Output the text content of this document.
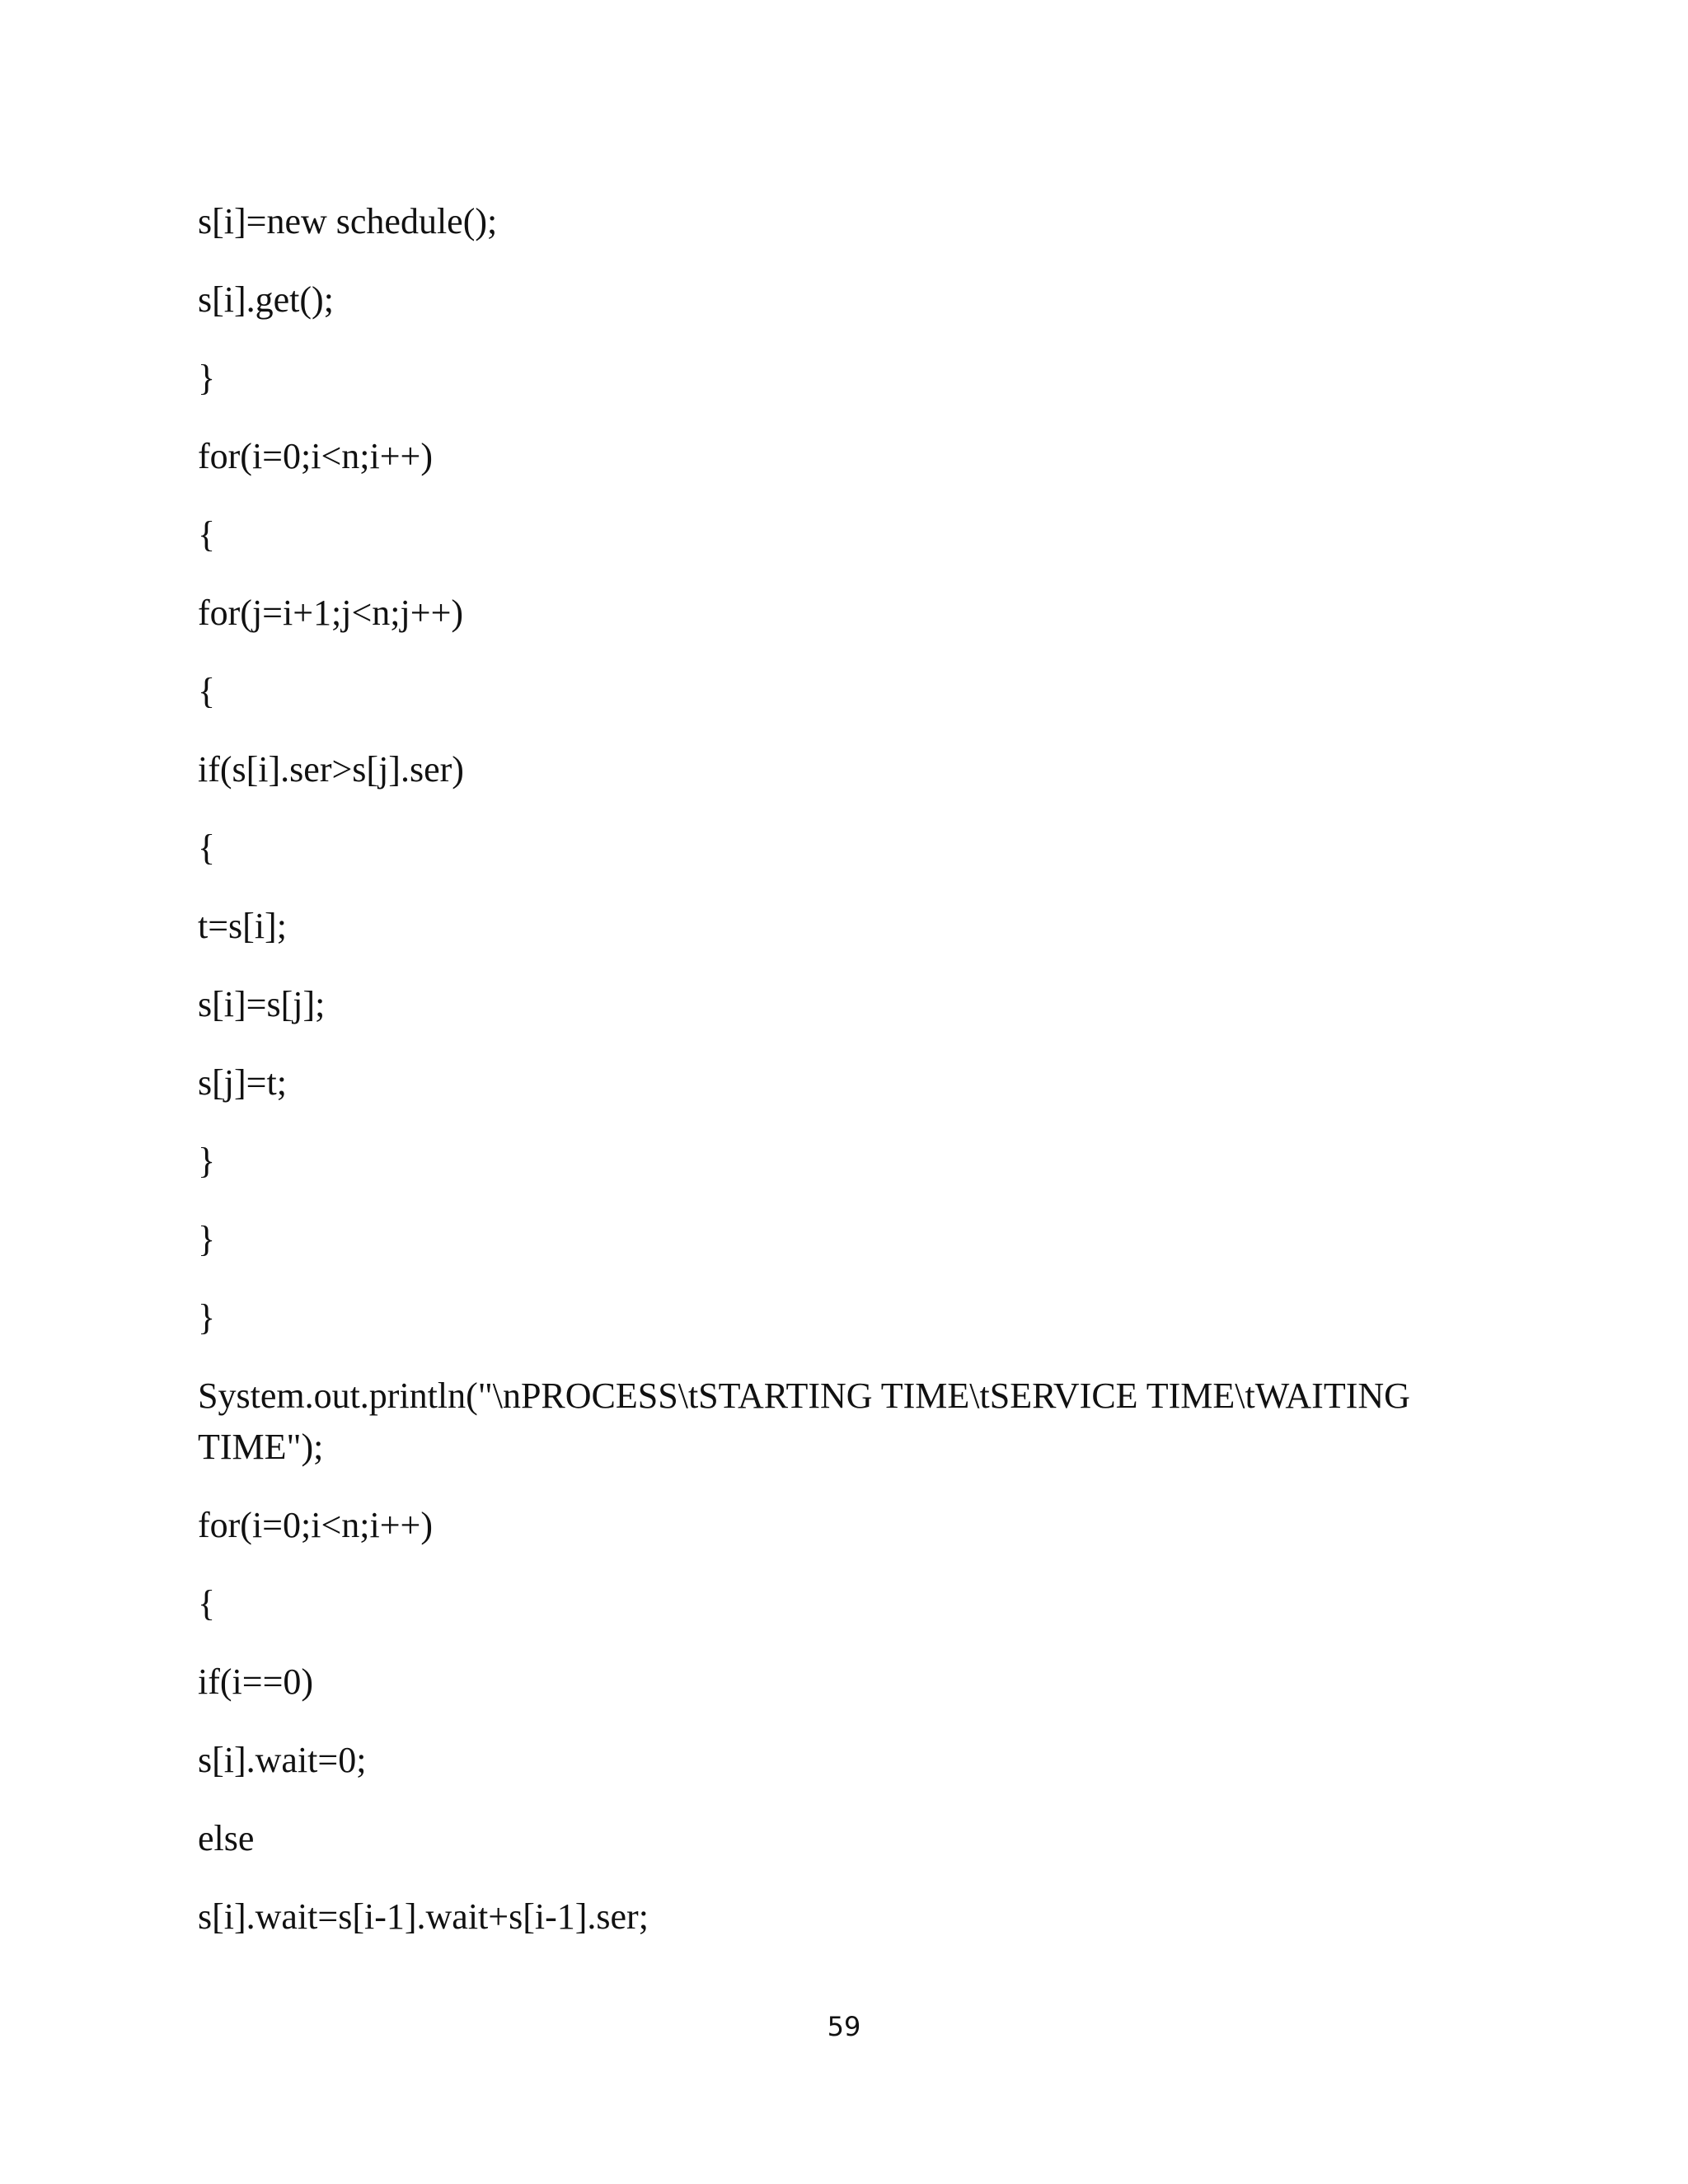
s[i]=new schedule();

s[i].get();

}

for(i=0;i<n;i++)

{

for(j=i+1;j<n;j++)

{

if(s[i].ser>s[j].ser)

{

t=s[i];

s[i]=s[j];

s[j]=t;

}

}

}

System.out.println("\nPROCESS\tSTARTING TIME\tSERVICE TIME\tWAITING TIME");

for(i=0;i<n;i++)

{

if(i==0)

s[i].wait=0;

else

s[i].wait=s[i-1].wait+s[i-1].ser;

59
